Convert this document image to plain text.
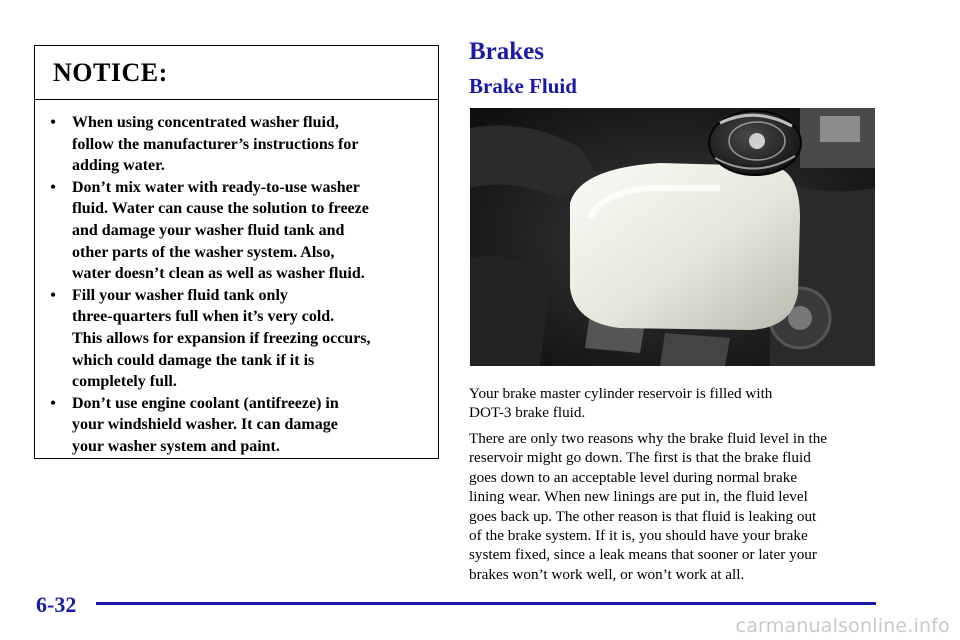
NOTICE:
•	When using concentrated washer fluid,
follow the manufacturer’s instructions for
adding water.
•	Don’t mix water with ready-to-use washer
fluid. Water can cause the solution to freeze
and damage your washer fluid tank and
other parts of the washer system. Also,
water doesn’t clean as well as washer fluid.
•	Fill your washer fluid tank only
three-quarters full when it’s very cold.
This allows for expansion if freezing occurs,
which could damage the tank if it is
completely full.
•	Don’t use engine coolant (antifreeze) in
your windshield washer. It can damage
your washer system and paint.
Brakes
Brake Fluid

Your brake master cylinder reservoir is filled with
DOT-3 brake fluid.

There are only two reasons why the brake fluid level in the
reservoir might go down. The first is that the brake fluid
goes down to an acceptable level during normal brake
lining wear. When new linings are put in, the fluid level
goes back up. The other reason is that fluid is leaking out
of the brake system. If it is, you should have your brake
system fixed, since a leak means that sooner or later your
brakes won’t work well, or won’t work at all.

6-32
carmanualsonline.info
